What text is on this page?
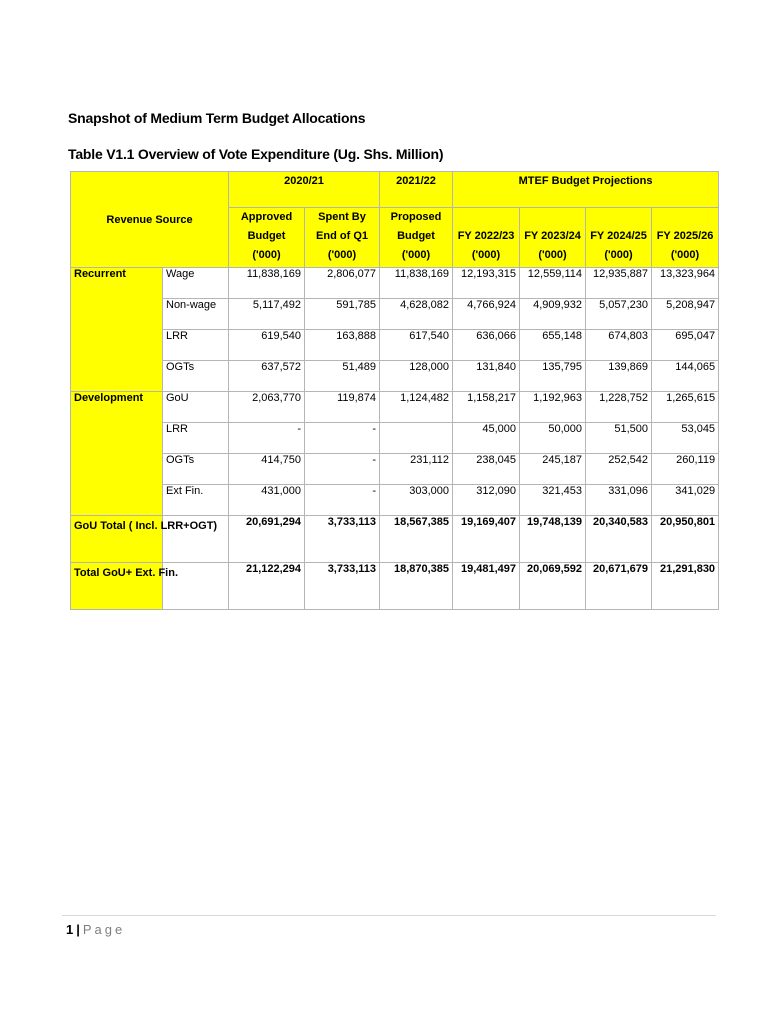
Snapshot of Medium Term Budget Allocations
Table V1.1 Overview of Vote Expenditure (Ug. Shs. Million)
Revenue Source		2020/21		2021/22	MTEF Budget Projections			
		Approved Budget ('000)	Spent By End of Q1 ('000)	Proposed Budget ('000)	FY 2022/23 ('000)	FY 2023/24 ('000)	FY 2024/25 ('000)	FY 2025/26 ('000)
Recurrent	Wage	11,838,169	2,806,077	11,838,169	12,193,315	12,559,114	12,935,887	13,323,964
	Non-wage	5,117,492	591,785	4,628,082	4,766,924	4,909,932	5,057,230	5,208,947
	LRR	619,540	163,888	617,540	636,066	655,148	674,803	695,047
	OGTs	637,572	51,489	128,000	131,840	135,795	139,869	144,065
Development	GoU	2,063,770	119,874	1,124,482	1,158,217	1,192,963	1,228,752	1,265,615
	LRR	-	-		45,000	50,000	51,500	53,045
	OGTs	414,750	-	231,112	238,045	245,187	252,542	260,119
	Ext Fin.	431,000	-	303,000	312,090	321,453	331,096	341,029
GoU Total ( Incl. LRR+OGT)		20,691,294	3,733,113	18,567,385	19,169,407	19,748,139	20,340,583	20,950,801
Total GoU+ Ext. Fin.		21,122,294	3,733,113	18,870,385	19,481,497	20,069,592	20,671,679	21,291,830
1 | Page
